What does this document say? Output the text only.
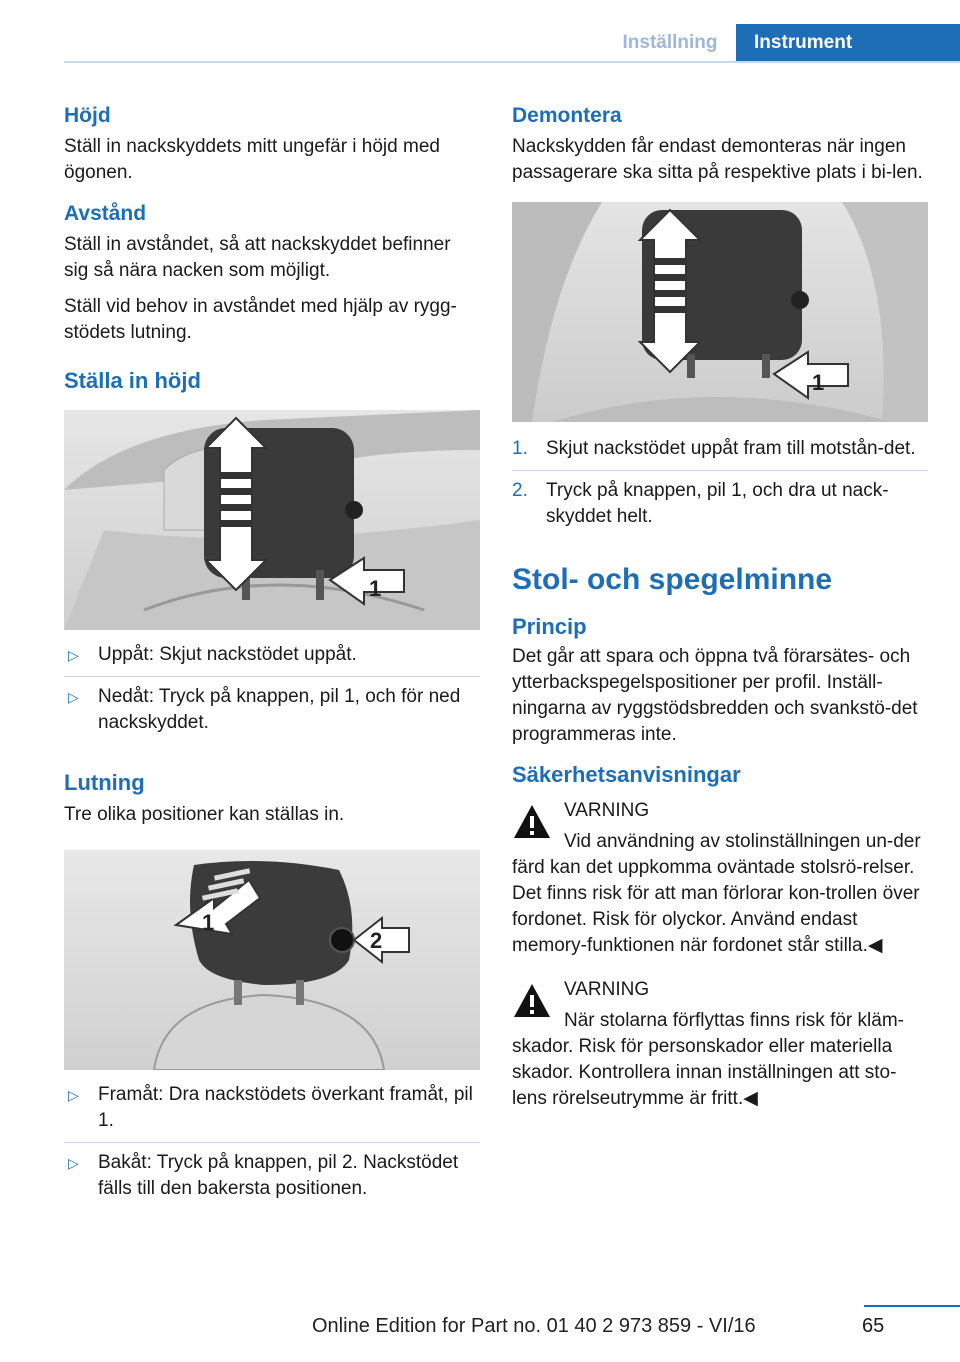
Inställning	Instrument
Höjd
Ställ in nackskyddets mitt ungefär i höjd med ögonen.
Avstånd
Ställ in avståndet, så att nackskyddet befinner sig så nära nacken som möjligt.
Ställ vid behov in avståndet med hjälp av rygg‐stödets lutning.
Ställa in höjd
1
▷ Uppåt: Skjut nackstödet uppåt.
▷ Nedåt: Tryck på knappen, pil 1, och för ned nackskyddet.
Lutning
Tre olika positioner kan ställas in.
1
2
▷ Framåt: Dra nackstödets överkant framåt, pil 1.
▷ Bakåt: Tryck på knappen, pil 2. Nackstödet fälls till den bakersta positionen.
Demontera
Nackskydden får endast demonteras när ingen passagerare ska sitta på respektive plats i bi‐len.
1
1. Skjut nackstödet uppåt fram till motstån‐det.
2. Tryck på knappen, pil 1, och dra ut nack‐skyddet helt.
Stol- och spegelminne
Princip
Det går att spara och öppna två förarsätes- och ytterbackspegelspositioner per profil. Inställ‐ningarna av ryggstödsbredden och svankstö‐det programmeras inte.
Säkerhetsanvisningar
VARNING
Vid användning av stolinställningen un‐der färd kan det uppkomma oväntade stolsrö‐relser. Det finns risk för att man förlorar kon‐trollen över fordonet. Risk för olyckor. Använd endast memory-funktionen när fordonet står stilla.◀
VARNING
När stolarna förflyttas finns risk för kläm‐skador. Risk för personskador eller materiella skador. Kontrollera innan inställningen att sto‐lens rörelseutrymme är fritt.◀
65
Online Edition for Part no. 01 40 2 973 859 - VI/16
